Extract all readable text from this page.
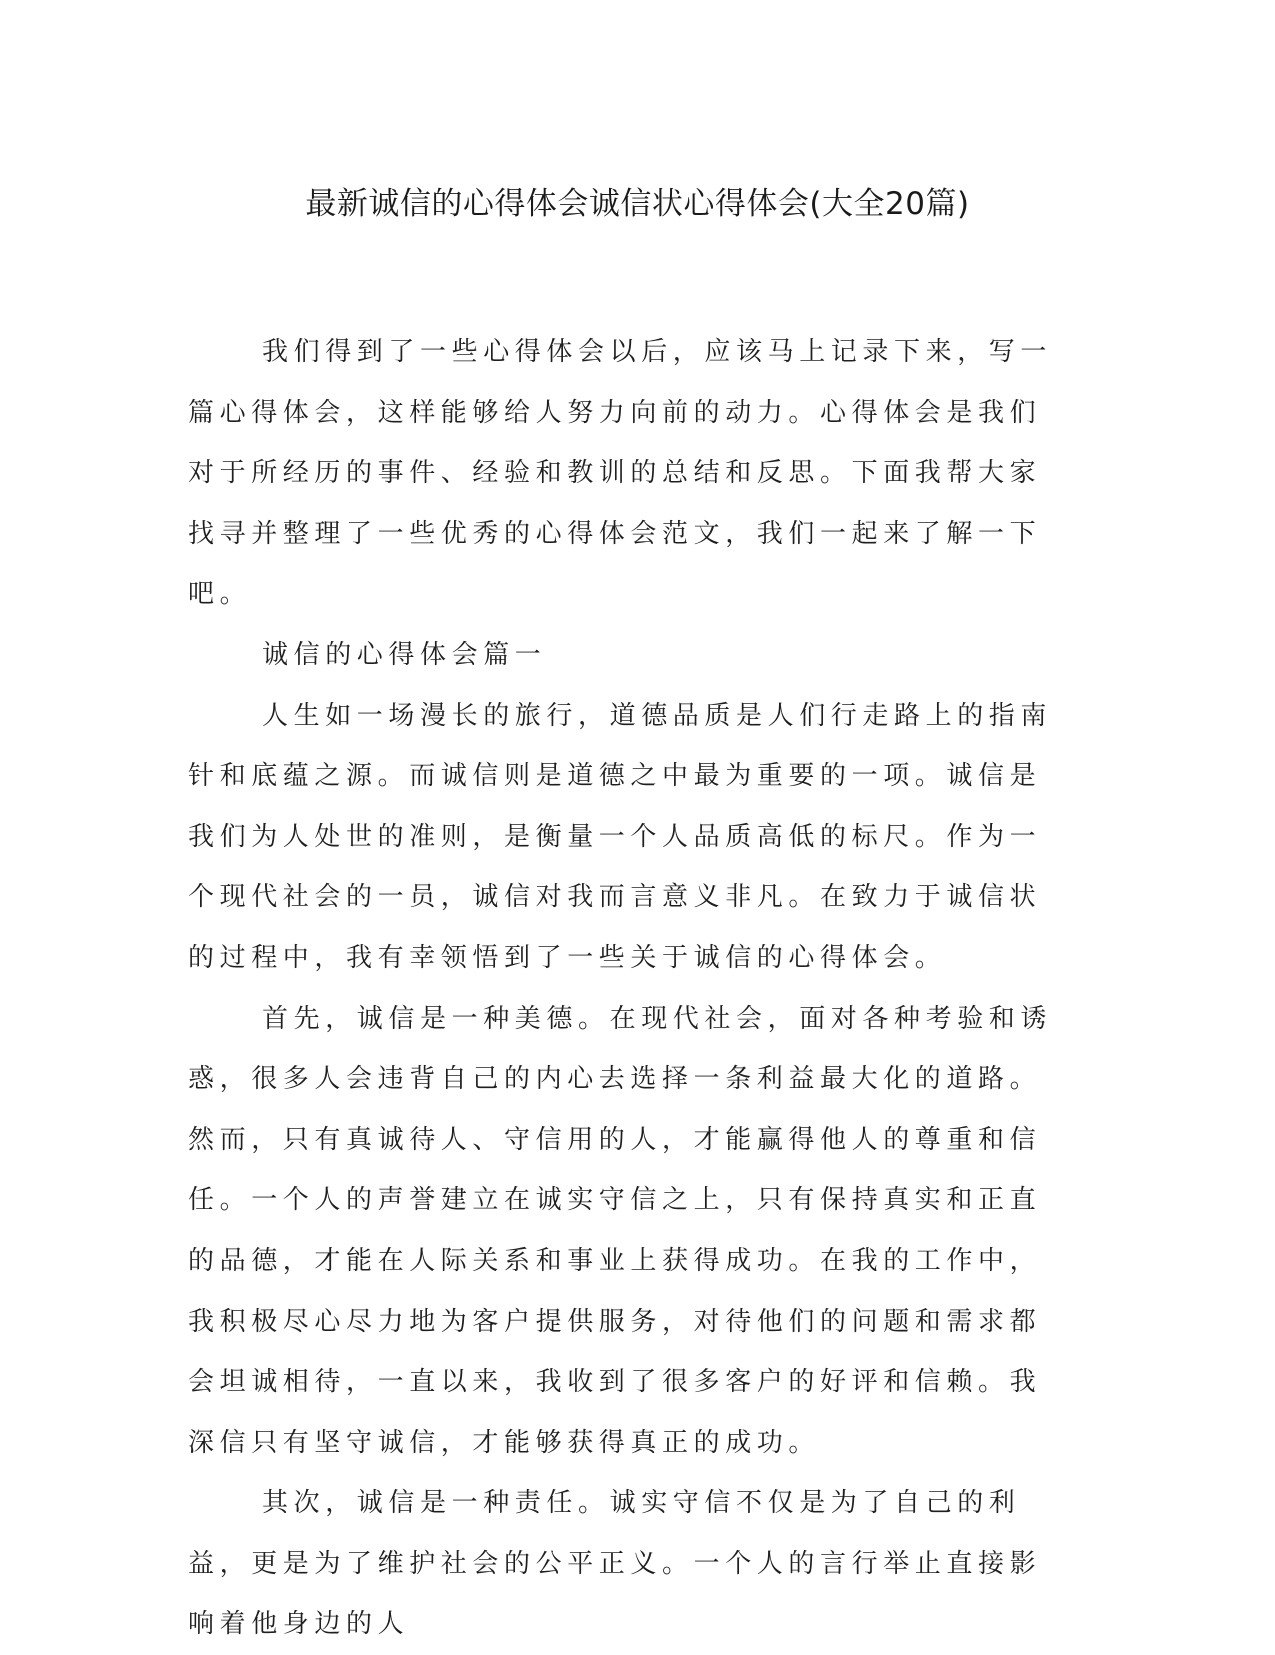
最新诚信的心得体会诚信状心得体会(大全20篇)

我们得到了一些心得体会以后，应该马上记录下来，写一篇心得体会，这样能够给人努力向前的动力。心得体会是我们对于所经历的事件、经验和教训的总结和反思。下面我帮大家找寻并整理了一些优秀的心得体会范文，我们一起来了解一下吧。

诚信的心得体会篇一

人生如一场漫长的旅行，道德品质是人们行走路上的指南针和底蕴之源。而诚信则是道德之中最为重要的一项。诚信是我们为人处世的准则，是衡量一个人品质高低的标尺。作为一个现代社会的一员，诚信对我而言意义非凡。在致力于诚信状的过程中，我有幸领悟到了一些关于诚信的心得体会。

首先，诚信是一种美德。在现代社会，面对各种考验和诱惑，很多人会违背自己的内心去选择一条利益最大化的道路。然而，只有真诚待人、守信用的人，才能赢得他人的尊重和信任。一个人的声誉建立在诚实守信之上，只有保持真实和正直的品德，才能在人际关系和事业上获得成功。在我的工作中，我积极尽心尽力地为客户提供服务，对待他们的问题和需求都会坦诚相待，一直以来，我收到了很多客户的好评和信赖。我深信只有坚守诚信，才能够获得真正的成功。

其次，诚信是一种责任。诚实守信不仅是为了自己的利益，更是为了维护社会的公平正义。一个人的言行举止直接影响着他身边的人
